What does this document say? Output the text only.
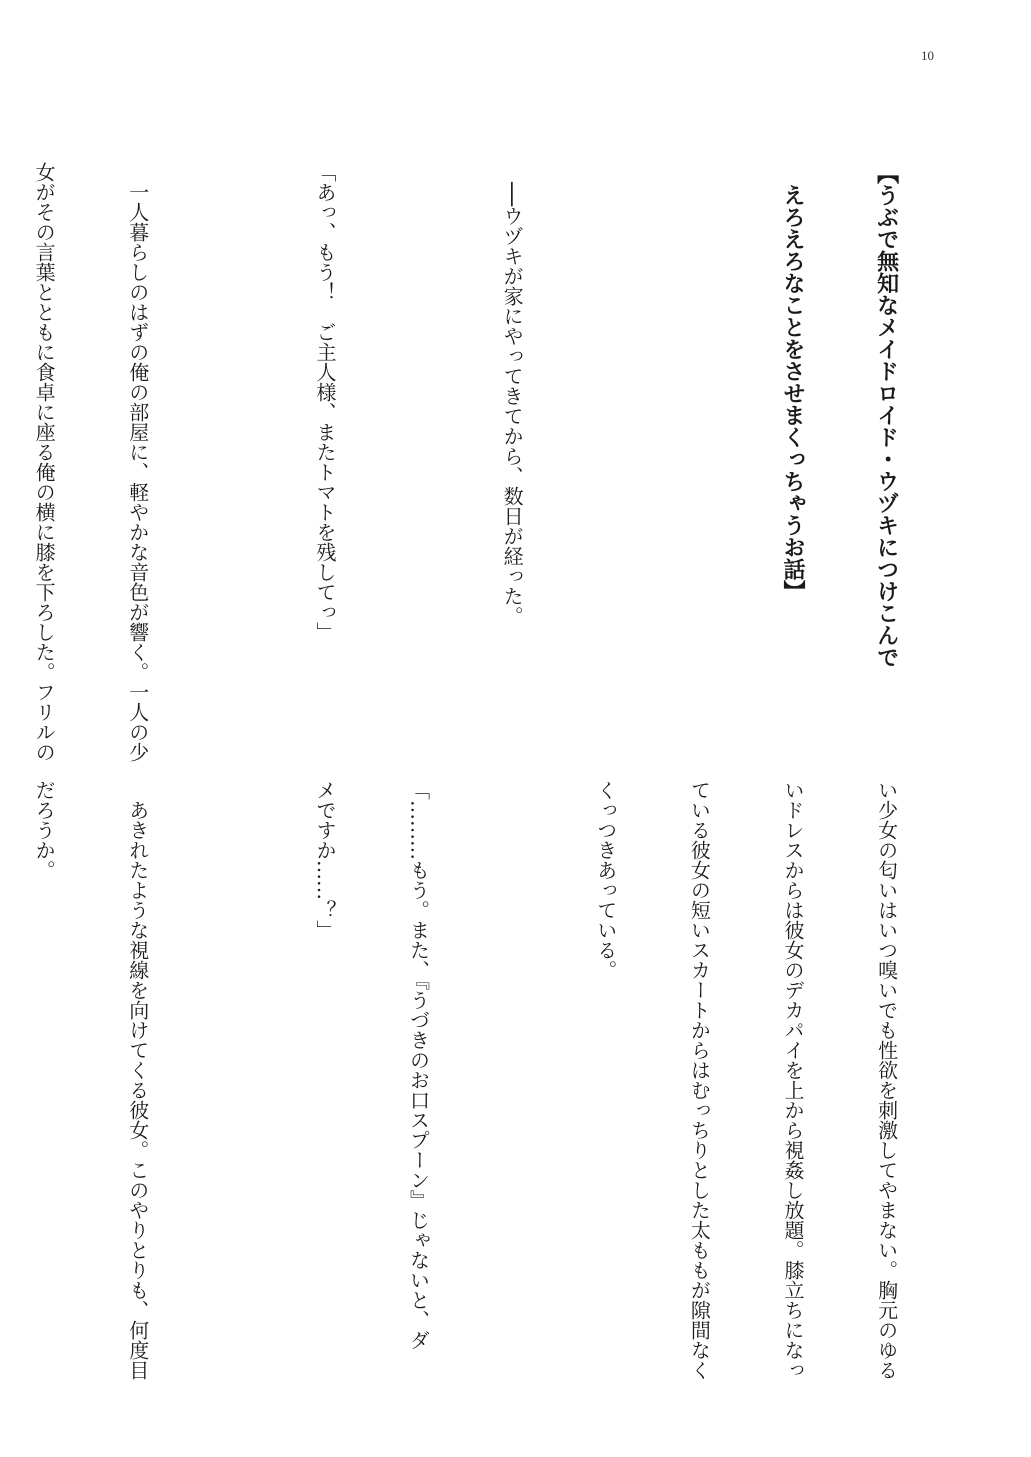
10

【うぶで無知なメイドロイド・ウヅキにつけこんで

　えろえろなことをさせまくっちゃうお話】

　──ウヅキが家にやってきてから、数日が経った。

「あっ、もう！　ご主人様、またトマトを残してっ」

　一人暮らしのはずの俺の部屋に、軽やかな音色が響く。一人の少

女がその言葉とともに食卓に座る俺の横に膝を下ろした。フリルの

い少女の匂いはいつ嗅いでも性欲を刺激してやまない。胸元のゆる

いドレスからは彼女のデカパイを上から視姦し放題。膝立ちになっ

ている彼女の短いスカートからはむっちりとした太ももが隙間なく

くっつきあっている。

「………もう。また、『うづきのお口スプーン』じゃないと、ダ

メですか……？」

　あきれたような視線を向けてくる彼女。このやりとりも、何度目

だろうか。
